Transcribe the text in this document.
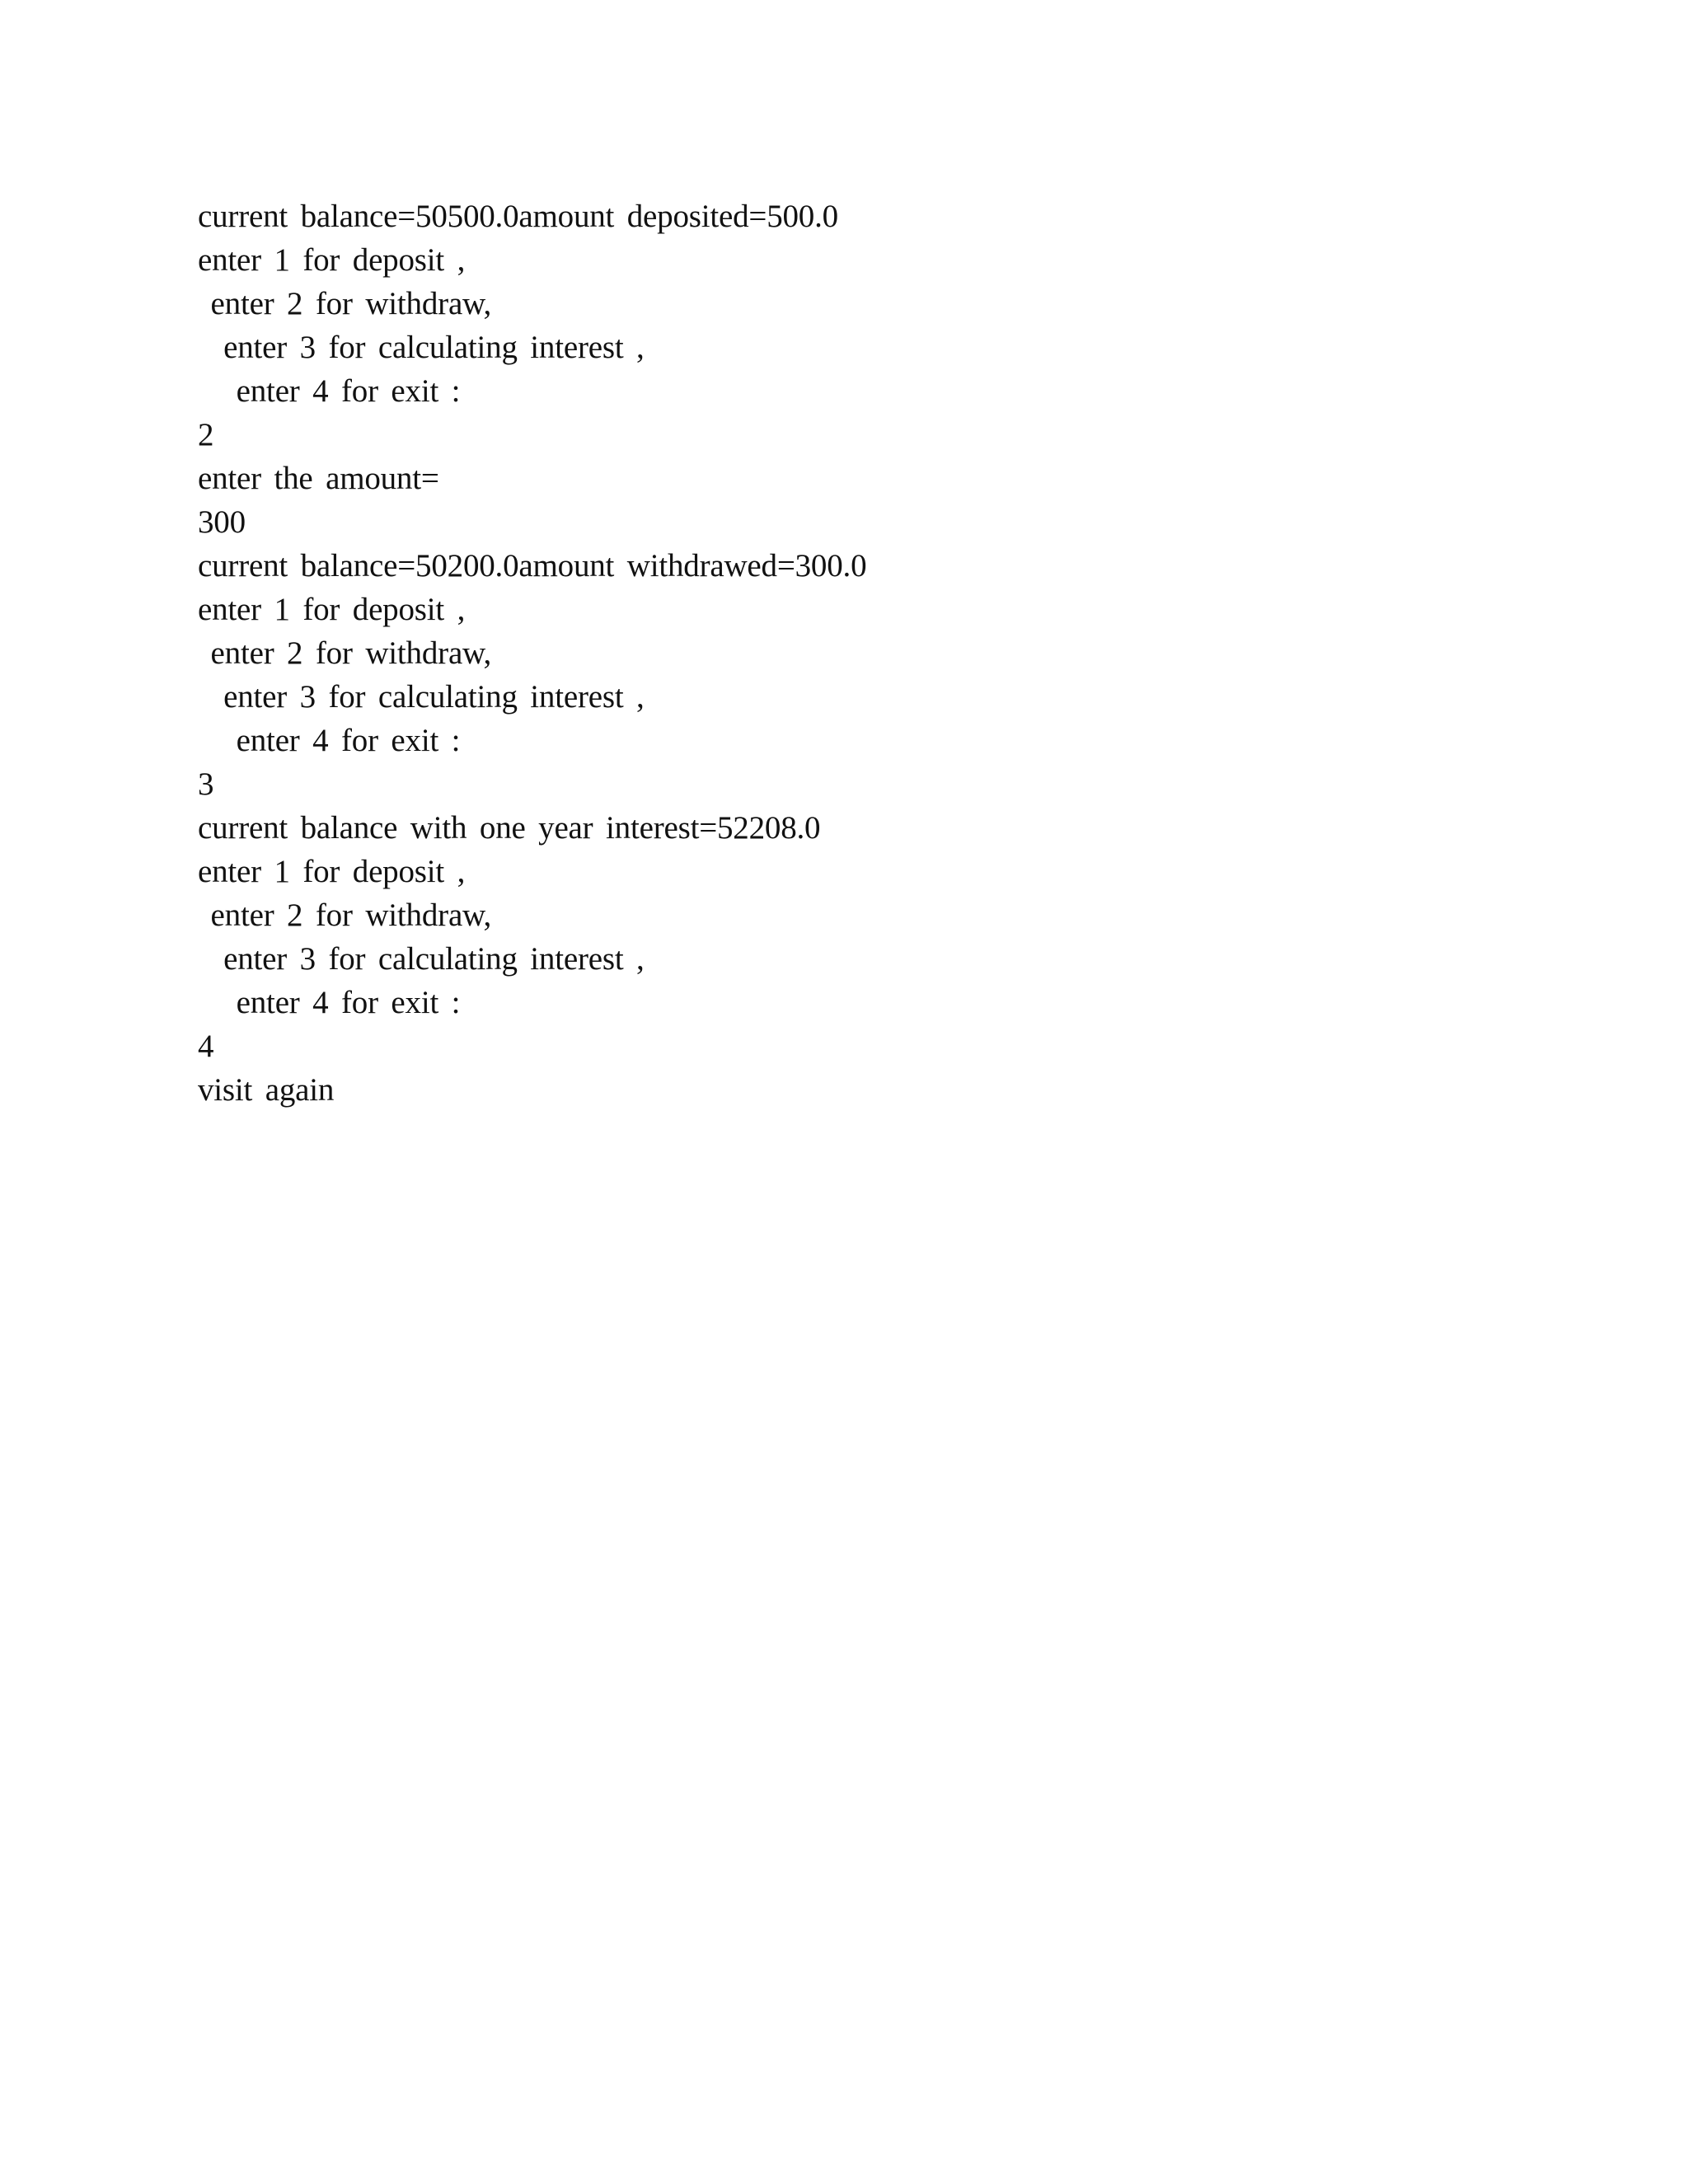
current balance=50500.0amount deposited=500.0
enter 1 for deposit ,
enter 2 for withdraw,
enter 3 for calculating interest ,
enter 4 for exit :
2
enter the amount=
300
current balance=50200.0amount withdrawed=300.0
enter 1 for deposit ,
enter 2 for withdraw,
enter 3 for calculating interest ,
enter 4 for exit :
3
current balance with one year interest=52208.0
enter 1 for deposit ,
enter 2 for withdraw,
enter 3 for calculating interest ,
enter 4 for exit :
4
visit again
